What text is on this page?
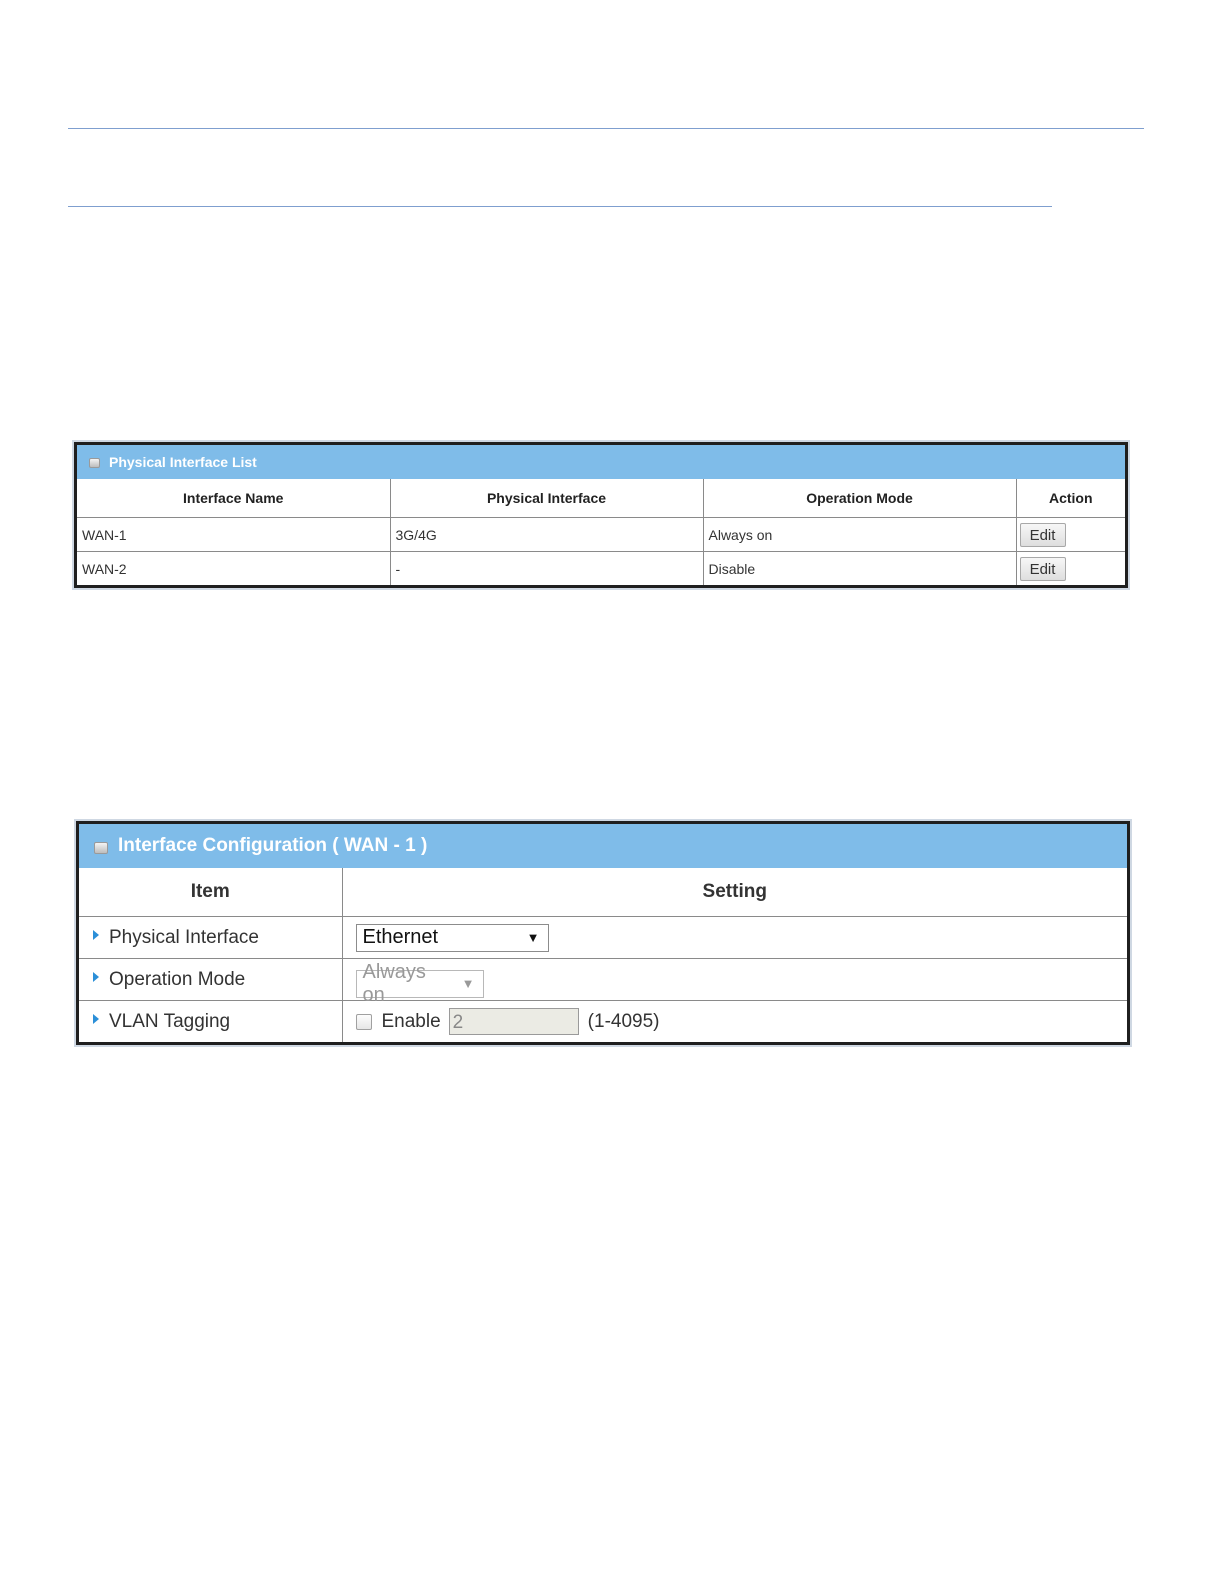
Physical Interface List
Interface Name	Physical Interface	Operation Mode	Action
WAN-1	3G/4G	Always on	Edit
WAN-2	-	Disable	Edit
Interface Configuration ( WAN - 1 )
Item	Setting
Physical Interface	Ethernet ▼

Operation Mode	Always on ▼

VLAN Tagging	Enable 2 (1-4095)
